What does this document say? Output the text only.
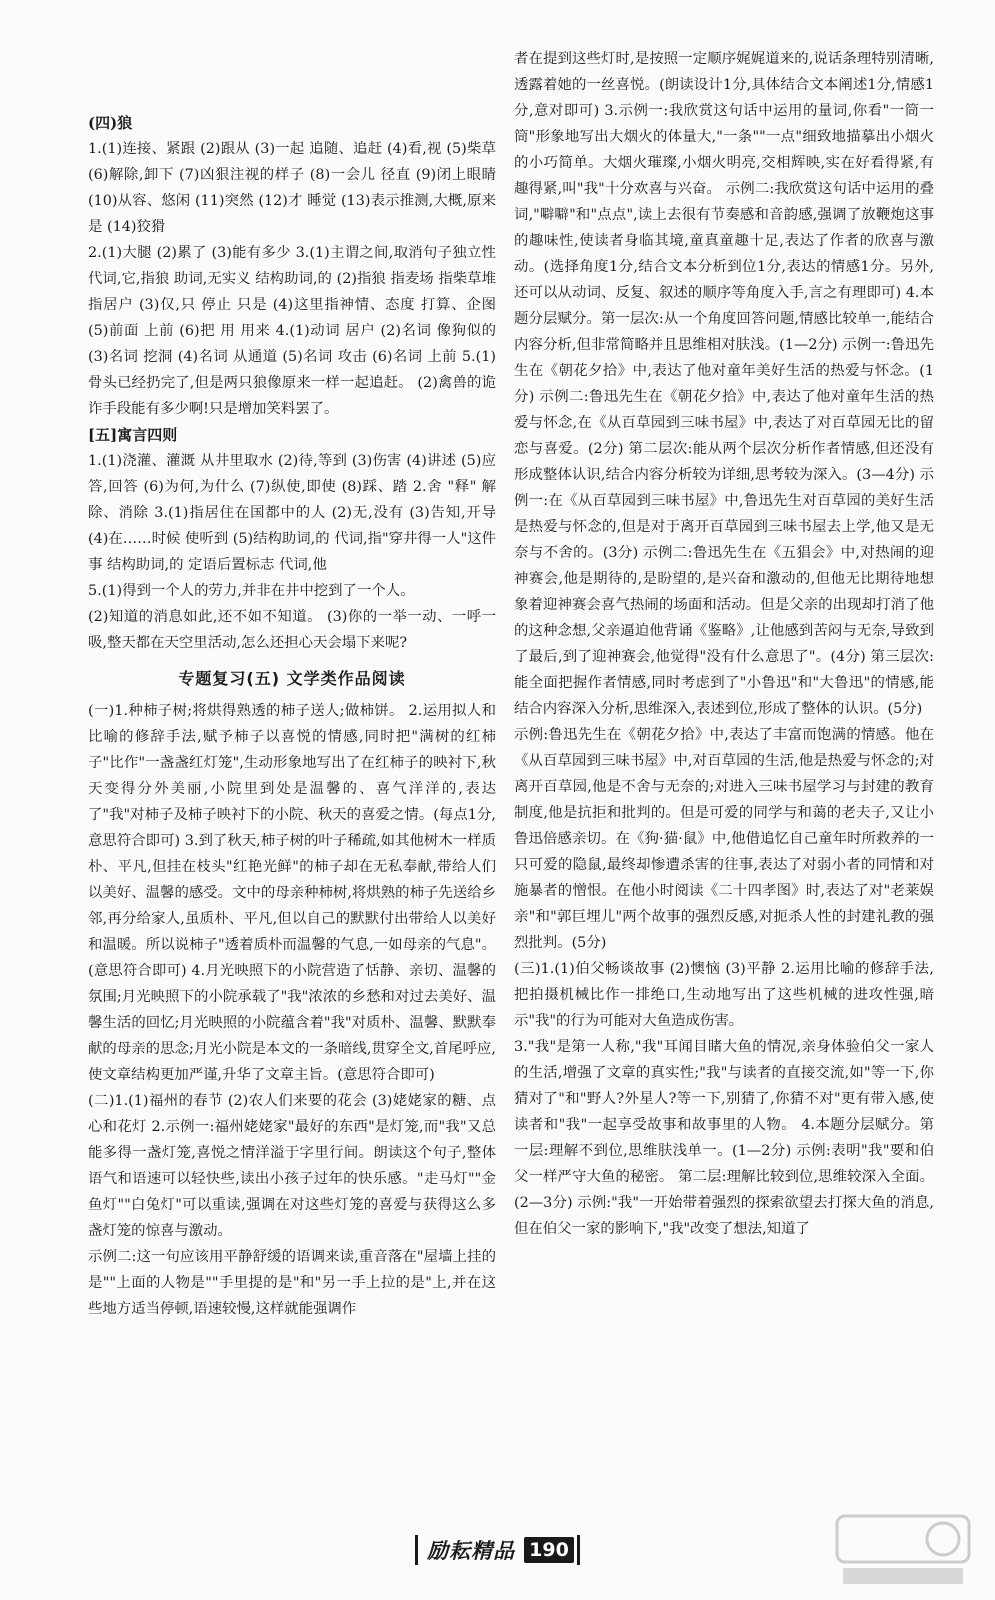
(四)狼

1.(1)连接、紧跟 (2)跟从 (3)一起 追随、追赶 (4)看,视 (5)柴草 (6)解除,卸下 (7)凶狠注视的样子 (8)一会儿 径直 (9)闭上眼睛 (10)从容、悠闲 (11)突然 (12)才 睡觉 (13)表示推测,大概,原来是 (14)狡猾

2.(1)大腿 (2)累了 (3)能有多少 3.(1)主谓之间,取消句子独立性 代词,它,指狼 助词,无实义 结构助词,的 (2)指狼 指麦场 指柴草堆 指居户 (3)仅,只 停止 只是 (4)这里指神情、态度 打算、企图 (5)前面 上前 (6)把 用 用来 4.(1)动词 居户 (2)名词 像狗似的 (3)名词 挖洞 (4)名词 从通道 (5)名词 攻击 (6)名词 上前 5.(1)骨头已经扔完了,但是两只狼像原来一样一起追赶。 (2)禽兽的诡诈手段能有多少啊!只是增加笑料罢了。

[五]寓言四则

1.(1)浇灌、灌溉 从井里取水 (2)待,等到 (3)伤害 (4)讲述 (5)应答,回答 (6)为何,为什么 (7)纵使,即使 (8)踩、踏 2.舍 "释" 解除、消除 3.(1)指居住在国都中的人 (2)无,没有 (3)告知,开导 (4)在……时候 使听到 (5)结构助词,的 代词,指"穿井得一人"这件事 结构助词,的 定语后置标志 代词,他

5.(1)得到一个人的劳力,并非在井中挖到了一个人。

(2)知道的消息如此,还不如不知道。 (3)你的一举一动、一呼一吸,整天都在天空里活动,怎么还担心天会塌下来呢?

专题复习(五) 文学类作品阅读

(一)1.种柿子树;将烘得熟透的柿子送人;做柿饼。 2.运用拟人和比喻的修辞手法,赋予柿子以喜悦的情感,同时把"满树的红柿子"比作"一盏盏红灯笼",生动形象地写出了在红柿子的映衬下,秋天变得分外美丽,小院里到处是温馨的、喜气洋洋的,表达了"我"对柿子及柿子映衬下的小院、秋天的喜爱之情。(每点1分,意思符合即可) 3.到了秋天,柿子树的叶子稀疏,如其他树木一样质朴、平凡,但挂在枝头"红艳光鲜"的柿子却在无私奉献,带给人们以美好、温馨的感受。文中的母亲种柿树,将烘熟的柿子先送给乡邻,再分给家人,虽质朴、平凡,但以自己的默默付出带给人以美好和温暖。所以说柿子"透着质朴而温馨的气息,一如母亲的气息"。(意思符合即可) 4.月光映照下的小院营造了恬静、亲切、温馨的氛围;月光映照下的小院承载了"我"浓浓的乡愁和对过去美好、温馨生活的回忆;月光映照的小院蕴含着"我"对质朴、温馨、默默奉献的母亲的思念;月光小院是本文的一条暗线,贯穿全文,首尾呼应,使文章结构更加严谨,升华了文章主旨。(意思符合即可)

(二)1.(1)福州的春节 (2)农人们来要的花会 (3)姥姥家的糖、点心和花灯 2.示例一:福州姥姥家"最好的东西"是灯笼,而"我"又总能多得一盏灯笼,喜悦之情洋溢于字里行间。朗读这个句子,整体语气和语速可以轻快些,读出小孩子过年的快乐感。"走马灯""金鱼灯""白兔灯"可以重读,强调在对这些灯笼的喜爱与获得这么多盏灯笼的惊喜与激动。

示例二:这一句应该用平静舒缓的语调来读,重音落在"屋墙上挂的是""上面的人物是""手里提的是"和"另一手上拉的是"上,并在这些地方适当停顿,语速较慢,这样就能强调作

者在提到这些灯时,是按照一定顺序娓娓道来的,说话条理特别清晰,透露着她的一丝喜悦。(朗读设计1分,具体结合文本阐述1分,情感1分,意对即可) 3.示例一:我欣赏这句话中运用的量词,你看"一筒一筒"形象地写出大烟火的体量大,"一条""一点"细致地描摹出小烟火的小巧简单。大烟火璀璨,小烟火明亮,交相辉映,实在好看得紧,有趣得紧,叫"我"十分欢喜与兴奋。 示例二:我欣赏这句话中运用的叠词,"噼噼"和"点点",读上去很有节奏感和音韵感,强调了放鞭炮这事的趣味性,使读者身临其境,童真童趣十足,表达了作者的欣喜与激动。(选择角度1分,结合文本分析到位1分,表达的情感1分。另外,还可以从动词、反复、叙述的顺序等角度入手,言之有理即可) 4.本题分层赋分。第一层次:从一个角度回答问题,情感比较单一,能结合内容分析,但非常简略并且思维相对肤浅。(1—2分) 示例一:鲁迅先生在《朝花夕拾》中,表达了他对童年美好生活的热爱与怀念。(1分) 示例二:鲁迅先生在《朝花夕拾》中,表达了他对童年生活的热爱与怀念,在《从百草园到三味书屋》中,表达了对百草园无比的留恋与喜爱。(2分) 第二层次:能从两个层次分析作者情感,但还没有形成整体认识,结合内容分析较为详细,思考较为深入。(3—4分) 示例一:在《从百草园到三味书屋》中,鲁迅先生对百草园的美好生活是热爱与怀念的,但是对于离开百草园到三味书屋去上学,他又是无奈与不舍的。(3分) 示例二:鲁迅先生在《五猖会》中,对热闹的迎神赛会,他是期待的,是盼望的,是兴奋和激动的,但他无比期待地想象着迎神赛会喜气热闹的场面和活动。但是父亲的出现却打消了他的这种念想,父亲逼迫他背诵《鉴略》,让他感到苦闷与无奈,导致到了最后,到了迎神赛会,他觉得"没有什么意思了"。(4分) 第三层次:能全面把握作者情感,同时考虑到了"小鲁迅"和"大鲁迅"的情感,能结合内容深入分析,思维深入,表述到位,形成了整体的认识。(5分)

示例:鲁迅先生在《朝花夕拾》中,表达了丰富而饱满的情感。他在《从百草园到三味书屋》中,对百草园的生活,他是热爱与怀念的;对离开百草园,他是不舍与无奈的;对进入三味书屋学习与封建的教育制度,他是抗拒和批判的。但是可爱的同学与和蔼的老夫子,又让小鲁迅倍感亲切。在《狗·猫·鼠》中,他借追忆自己童年时所救养的一只可爱的隐鼠,最终却惨遭杀害的往事,表达了对弱小者的同情和对施暴者的憎恨。在他小时阅读《二十四孝图》时,表达了对"老莱娱亲"和"郭巨埋儿"两个故事的强烈反感,对扼杀人性的封建礼教的强烈批判。(5分)

(三)1.(1)伯父畅谈故事 (2)懊恼 (3)平静 2.运用比喻的修辞手法,把拍摄机械比作一排绝口,生动地写出了这些机械的进攻性强,暗示"我"的行为可能对大鱼造成伤害。

3."我"是第一人称,"我"耳闻目睹大鱼的情况,亲身体验伯父一家人的生活,增强了文章的真实性;"我"与读者的直接交流,如"等一下,你猜对了"和"野人?外星人?等一下,别猜了,你猜不对"更有带入感,使读者和"我"一起享受故事和故事里的人物。 4.本题分层赋分。第一层:理解不到位,思维肤浅单一。(1—2分) 示例:表明"我"要和伯父一样严守大鱼的秘密。 第二层:理解比较到位,思维较深入全面。(2—3分) 示例:"我"一开始带着强烈的探索欲望去打探大鱼的消息,但在伯父一家的影响下,"我"改变了想法,知道了

励耘精品 190
